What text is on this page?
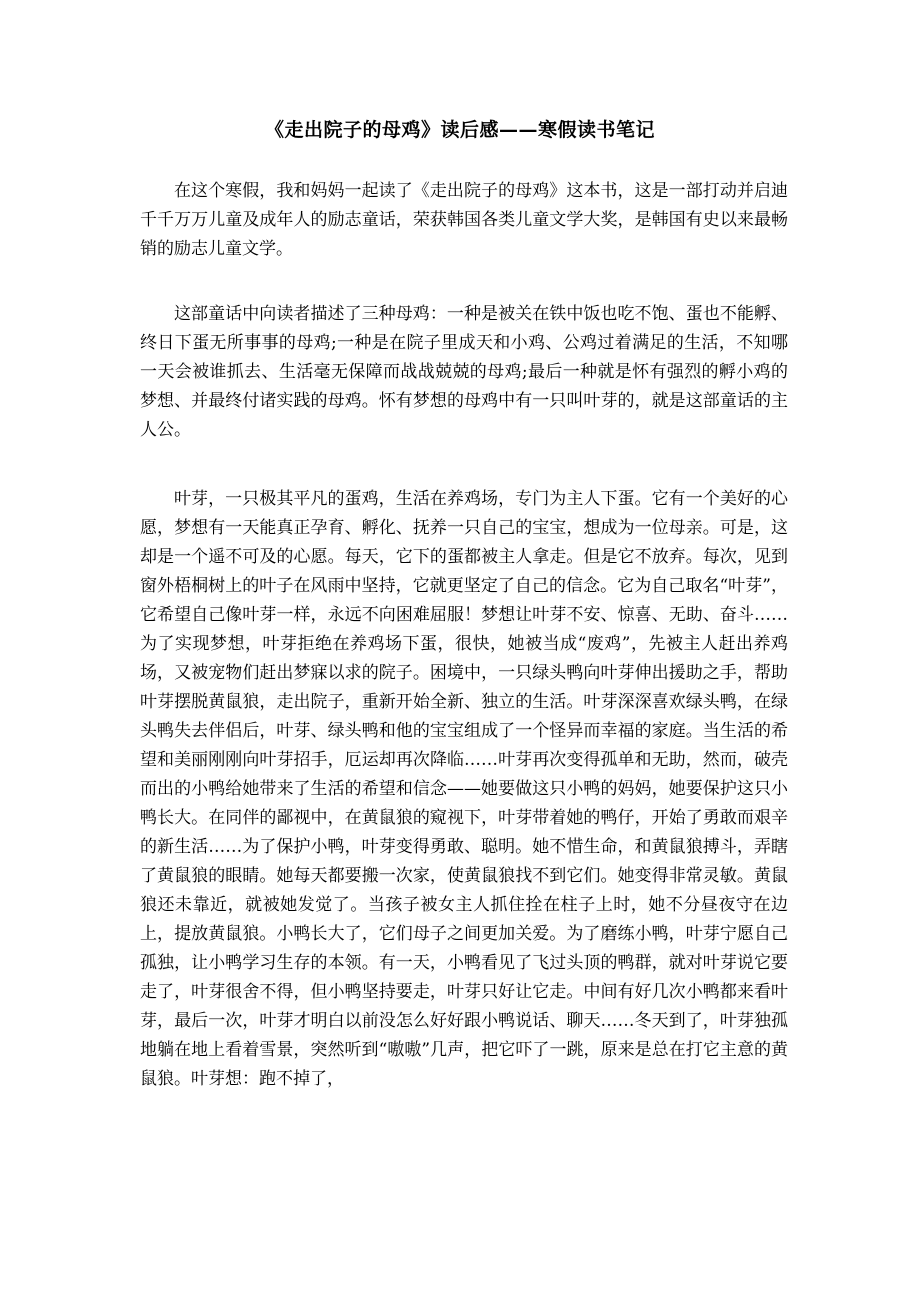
《走出院子的母鸡》读后感——寒假读书笔记

在这个寒假，我和妈妈一起读了《走出院子的母鸡》这本书，这是一部打动并启迪千千万万儿童及成年人的励志童话，荣获韩国各类儿童文学大奖，是韩国有史以来最畅销的励志儿童文学。

这部童话中向读者描述了三种母鸡：一种是被关在铁中饭也吃不饱、蛋也不能孵、终日下蛋无所事事的母鸡;一种是在院子里成天和小鸡、公鸡过着满足的生活，不知哪一天会被谁抓去、生活毫无保障而战战兢兢的母鸡;最后一种就是怀有强烈的孵小鸡的梦想、并最终付诸实践的母鸡。怀有梦想的母鸡中有一只叫叶芽的，就是这部童话的主人公。

叶芽，一只极其平凡的蛋鸡，生活在养鸡场，专门为主人下蛋。它有一个美好的心愿，梦想有一天能真正孕育、孵化、抚养一只自己的宝宝，想成为一位母亲。可是，这却是一个遥不可及的心愿。每天，它下的蛋都被主人拿走。但是它不放弃。每次，见到窗外梧桐树上的叶子在风雨中坚持，它就更坚定了自己的信念。它为自己取名“叶芽”，它希望自己像叶芽一样，永远不向困难屈服！梦想让叶芽不安、惊喜、无助、奋斗……为了实现梦想，叶芽拒绝在养鸡场下蛋，很快，她被当成“废鸡”，先被主人赶出养鸡场，又被宠物们赶出梦寐以求的院子。困境中，一只绿头鸭向叶芽伸出援助之手，帮助叶芽摆脱黄鼠狼，走出院子，重新开始全新、独立的生活。叶芽深深喜欢绿头鸭，在绿头鸭失去伴侣后，叶芽、绿头鸭和他的宝宝组成了一个怪异而幸福的家庭。当生活的希望和美丽刚刚向叶芽招手，厄运却再次降临……叶芽再次变得孤单和无助，然而，破壳而出的小鸭给她带来了生活的希望和信念——她要做这只小鸭的妈妈，她要保护这只小鸭长大。在同伴的鄙视中，在黄鼠狼的窥视下，叶芽带着她的鸭仔，开始了勇敢而艰辛的新生活……为了保护小鸭，叶芽变得勇敢、聪明。她不惜生命，和黄鼠狼搏斗，弄瞎了黄鼠狼的眼睛。她每天都要搬一次家，使黄鼠狼找不到它们。她变得非常灵敏。黄鼠狼还未靠近，就被她发觉了。当孩子被女主人抓住拴在柱子上时，她不分昼夜守在边上，提放黄鼠狼。小鸭长大了，它们母子之间更加关爱。为了磨练小鸭，叶芽宁愿自己孤独，让小鸭学习生存的本领。有一天，小鸭看见了飞过头顶的鸭群，就对叶芽说它要走了，叶芽很舍不得，但小鸭坚持要走，叶芽只好让它走。中间有好几次小鸭都来看叶芽，最后一次，叶芽才明白以前没怎么好好跟小鸭说话、聊天……冬天到了，叶芽独孤地躺在地上看着雪景，突然听到“嗷嗷”几声，把它吓了一跳，原来是总在打它主意的黄鼠狼。叶芽想：跑不掉了，
